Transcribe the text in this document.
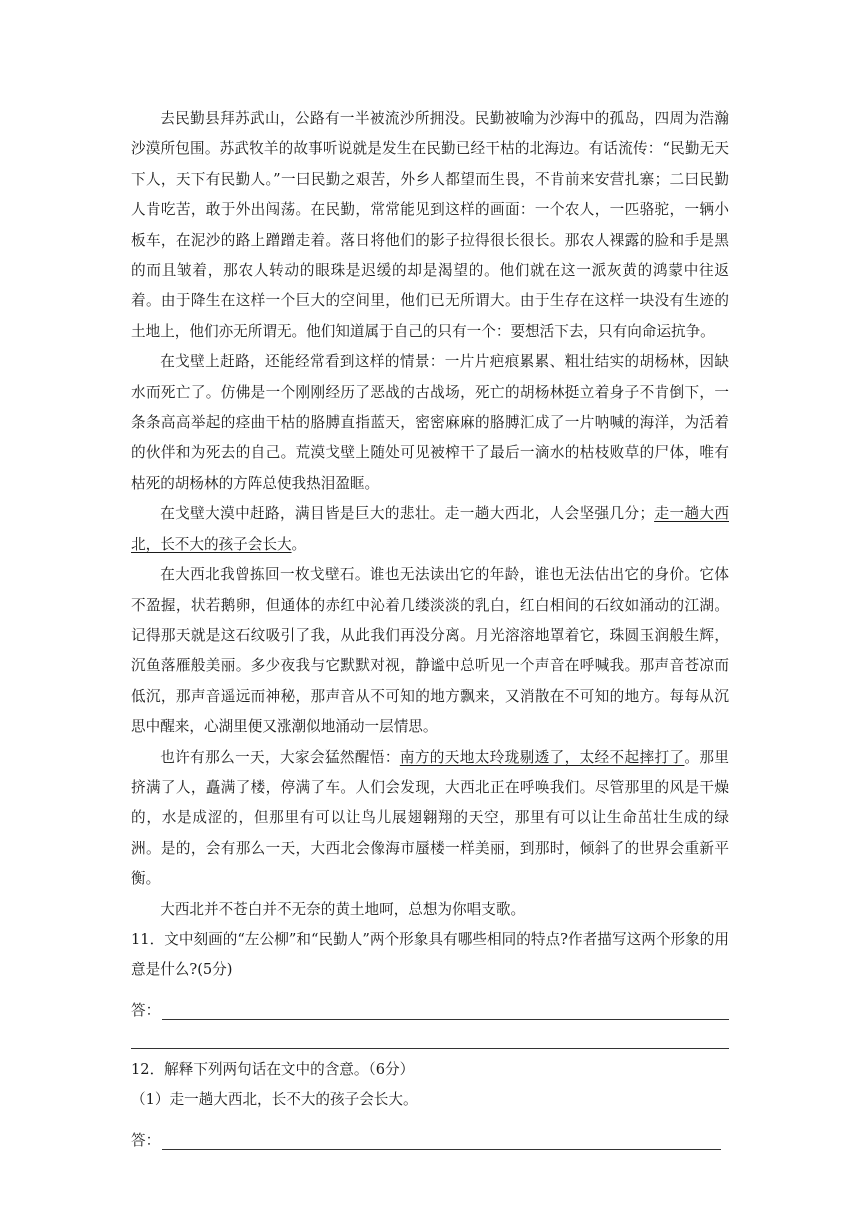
去民勤县拜苏武山，公路有一半被流沙所拥没。民勤被喻为沙海中的孤岛，四周为浩瀚沙漠所包围。苏武牧羊的故事听说就是发生在民勤已经干枯的北海边。有话流传：“民勤无天下人，天下有民勤人。”一曰民勤之艰苦，外乡人都望而生畏，不肯前来安营扎寨；二曰民勤人肯吃苦，敢于外出闯荡。在民勤，常常能见到这样的画面：一个农人，一匹骆驼，一辆小板车，在泥沙的路上蹭蹭走着。落日将他们的影子拉得很长很长。那农人裸露的脸和手是黑的而且皱着，那农人转动的眼珠是迟缓的却是渴望的。他们就在这一派灰黄的鸿蒙中往返着。由于降生在这样一个巨大的空间里，他们已无所谓大。由于生存在这样一块没有生迹的土地上，他们亦无所谓无。他们知道属于自己的只有一个：要想活下去，只有向命运抗争。

在戈壁上赶路，还能经常看到这样的情景：一片片疤痕累累、粗壮结实的胡杨林，因缺水而死亡了。仿佛是一个刚刚经历了恶战的古战场，死亡的胡杨林挺立着身子不肯倒下，一条条高高举起的痉曲干枯的胳膊直指蓝天，密密麻麻的胳膊汇成了一片呐喊的海洋，为活着的伙伴和为死去的自己。荒漠戈壁上随处可见被榨干了最后一滴水的枯枝败草的尸体，唯有枯死的胡杨林的方阵总使我热泪盈眶。

在戈壁大漠中赶路，满目皆是巨大的悲壮。走一趟大西北，人会坚强几分；走一趟大西北，长不大的孩子会长大。

在大西北我曾拣回一枚戈壁石。谁也无法读出它的年龄，谁也无法估出它的身价。它体不盈握，状若鹅卵，但通体的赤红中沁着几缕淡淡的乳白，红白相间的石纹如涌动的江湖。记得那天就是这石纹吸引了我，从此我们再没分离。月光溶溶地罩着它，珠圆玉润般生辉，沉鱼落雁般美丽。多少夜我与它默默对视，静谧中总听见一个声音在呼喊我。那声音苍凉而低沉，那声音遥远而神秘，那声音从不可知的地方飘来，又消散在不可知的地方。每每从沉思中醒来，心湖里便又涨潮似地涌动一层情思。

也许有那么一天，大家会猛然醒悟：南方的天地太玲珑剔透了，太经不起摔打了。那里挤满了人，矗满了楼，停满了车。人们会发现，大西北正在呼唤我们。尽管那里的风是干燥的，水是成涩的，但那里有可以让鸟儿展翅翱翔的天空，那里有可以让生命茁壮生成的绿洲。是的，会有那么一天，大西北会像海市蜃楼一样美丽，到那时，倾斜了的世界会重新平衡。

大西北并不苍白并不无奈的黄土地呵，总想为你唱支歌。

11．文中刻画的“左公柳”和“民勤人”两个形象具有哪些相同的特点?作者描写这两个形象的用意是什么?(5分)

答：

12．解释下列两句话在文中的含意。（6分）

（1）走一趟大西北，长不大的孩子会长大。

答：
